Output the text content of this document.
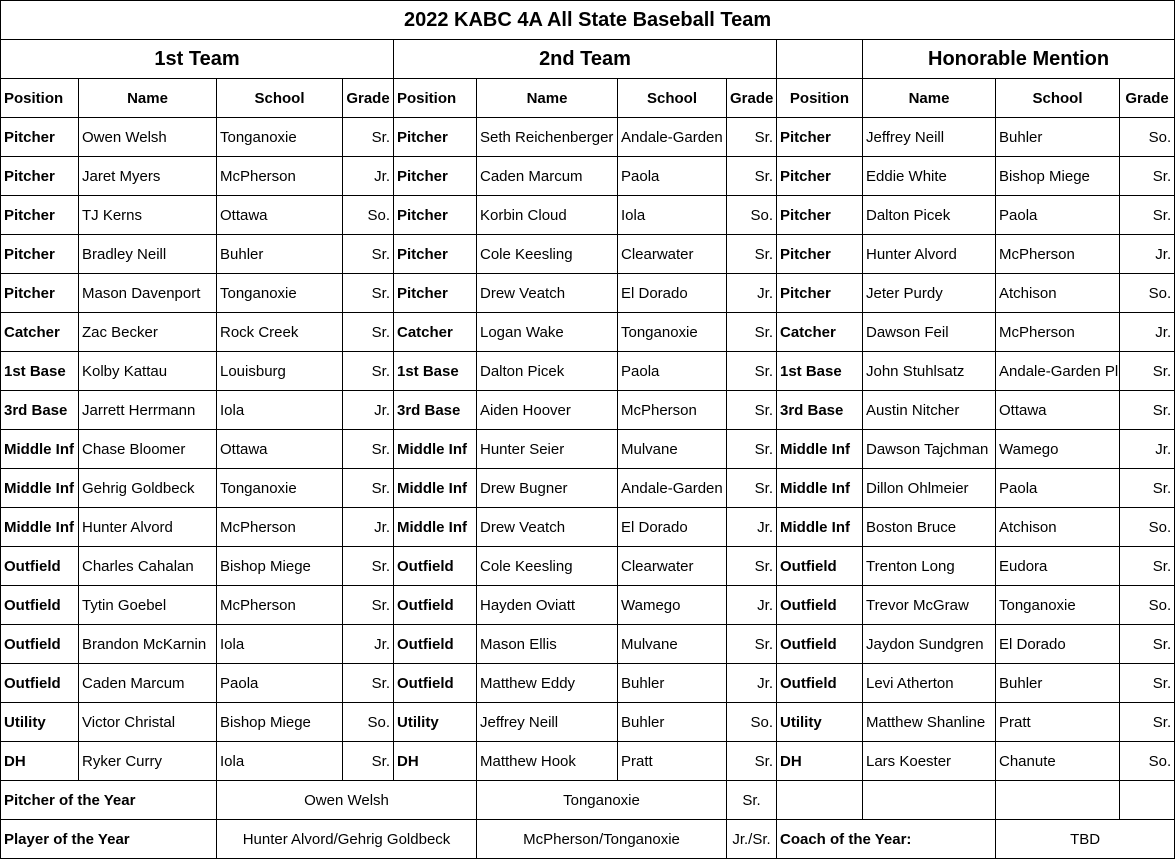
2022 KABC 4A All State Baseball Team											
1st Team				2nd Team					Honorable Mention		
Position	Name	School	Grade	Position	Name	School	Grade	Position	Name	School	Grade
Pitcher	Owen Welsh	Tonganoxie	Sr.	Pitcher	Seth Reichenberger	Andale-Garden	Sr.	Pitcher	Jeffrey Neill	Buhler	So.
Pitcher	Jaret Myers	McPherson	Jr.	Pitcher	Caden Marcum	Paola	Sr.	Pitcher	Eddie White	Bishop Miege	Sr.
Pitcher	TJ Kerns	Ottawa	So.	Pitcher	Korbin Cloud	Iola	So.	Pitcher	Dalton Picek	Paola	Sr.
Pitcher	Bradley Neill	Buhler	Sr.	Pitcher	Cole Keesling	Clearwater	Sr.	Pitcher	Hunter Alvord	McPherson	Jr.
Pitcher	Mason Davenport	Tonganoxie	Sr.	Pitcher	Drew Veatch	El Dorado	Jr.	Pitcher	Jeter Purdy	Atchison	So.
Catcher	Zac Becker	Rock Creek	Sr.	Catcher	Logan Wake	Tonganoxie	Sr.	Catcher	Dawson Feil	McPherson	Jr.
1st Base	Kolby Kattau	Louisburg	Sr.	1st Base	Dalton Picek	Paola	Sr.	1st Base	John Stuhlsatz	Andale-Garden Pl	Sr.
3rd Base	Jarrett Herrmann	Iola	Jr.	3rd Base	Aiden Hoover	McPherson	Sr.	3rd Base	Austin Nitcher	Ottawa	Sr.
Middle Inf	Chase Bloomer	Ottawa	Sr.	Middle Inf	Hunter Seier	Mulvane	Sr.	Middle Inf	Dawson Tajchman	Wamego	Jr.
Middle Inf	Gehrig Goldbeck	Tonganoxie	Sr.	Middle Inf	Drew Bugner	Andale-Garden	Sr.	Middle Inf	Dillon Ohlmeier	Paola	Sr.
Middle Inf	Hunter Alvord	McPherson	Jr.	Middle Inf	Drew Veatch	El Dorado	Jr.	Middle Inf	Boston Bruce	Atchison	So.
Outfield	Charles Cahalan	Bishop Miege	Sr.	Outfield	Cole Keesling	Clearwater	Sr.	Outfield	Trenton Long	Eudora	Sr.
Outfield	Tytin Goebel	McPherson	Sr.	Outfield	Hayden Oviatt	Wamego	Jr.	Outfield	Trevor McGraw	Tonganoxie	So.
Outfield	Brandon McKarnin	Iola	Jr.	Outfield	Mason Ellis	Mulvane	Sr.	Outfield	Jaydon Sundgren	El Dorado	Sr.
Outfield	Caden Marcum	Paola	Sr.	Outfield	Matthew Eddy	Buhler	Jr.	Outfield	Levi Atherton	Buhler	Sr.
Utility	Victor Christal	Bishop Miege	So.	Utility	Jeffrey Neill	Buhler	So.	Utility	Matthew Shanline	Pratt	Sr.
DH	Ryker Curry	Iola	Sr.	DH	Matthew Hook	Pratt	Sr.	DH	Lars Koester	Chanute	So.
Pitcher of the Year		Owen Welsh			Tonganoxie		Sr.				
Player of the Year		Hunter Alvord/Gehrig Goldbeck			McPherson/Tonganoxie		Jr./Sr.	Coach of the Year:		TBD	
